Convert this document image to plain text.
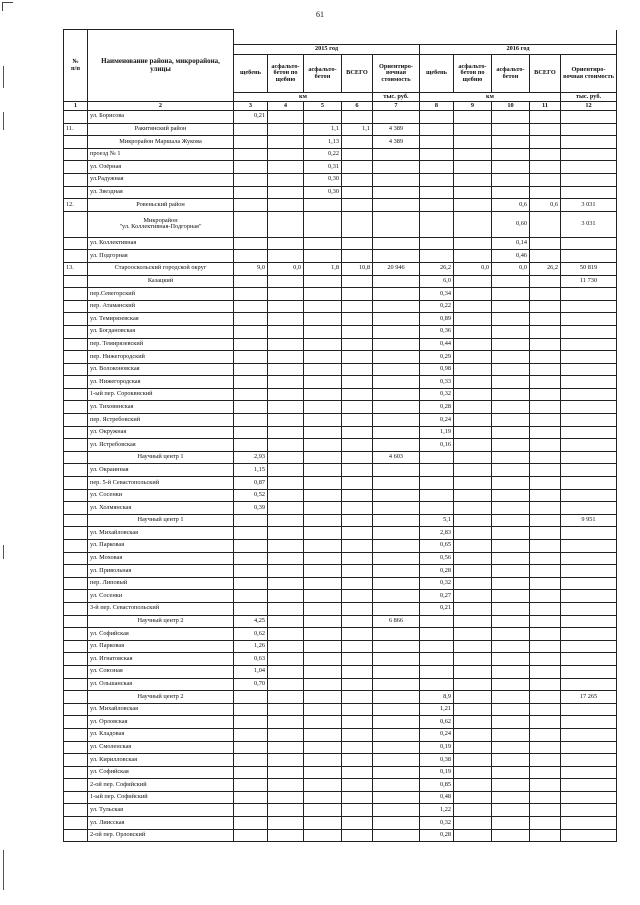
61
№
п/п	Наименование района, микрорайона, улицы										
		2015 год					2016 год				
		щебень	асфальто-бетон по щебню	асфальто-бетон	ВСЕГО	Ориентиро-вочная стоимость	щебень	асфальто-бетон по щебню	асфальто-бетон	ВСЕГО	Ориентиро-вочная стоимость
		км				тыс. руб.	км				тыс. руб.
1	2	3	4	5	6	7	8	9	10	11	12
	ул. Борисова	0,21									
11.	Ракитянский район			1,1	1,1	4 389					
	Микрорайон Маршала Жукова			1,13		4 389					
	проезд № 1			0,22							
	ул. Озёрная			0,31							
	ул.Радужная			0,30							
	ул. Звездная			0,30							
12.	Ровеньский район								0,6	0,6	3 031
	Микрорайон
"ул. Коллективная-Подгорная"								0,60		3 031
	ул. Коллективная								0,14		
	ул. Подгорная								0,46		
13.	Старооскольский городской округ	9,0	0,0	1,8	10,8	20 946	26,2	0,0	0,0	26,2	50 819
	Казацкий						6,0				11 730
	пер.Севегорский						0,34				
	пер. Атаманский						0,22				
	ул. Темирязевская						0,89				
	ул. Богдановская						0,36				
	пер. Темирязевский						0,44				
	пер. Нижегородский						0,29				
	ул. Волоконовская						0,98				
	ул. Нижегородская						0,33				
	1-ый пер. Сороквнский						0,32				
	ул. Тиховинская						0,28				
	пер. Ястребовский						0,24				
	ул. Окружная						1,19				
	ул. Ястребовская						0,16				
	Научный центр 1	2,93				4 603					
	ул. Окраинная	1,15									
	пер. 5-й Севастопольский	0,87									
	ул. Сосенки	0,52									
	ул. Холмянская	0,39									
	Научный центр 1						5,1				9 951
	ул. Михайловская						2,83				
	ул. Парковая						0,65				
	ул. Моховая						0,56				
	ул. Привольная						0,28				
	пер. Липовый						0,32				
	ул. Сосенки						0,27				
	3-й пер. Севастопольский						0,21				
	Научный центр 2	4,25				6 866					
	ул. Софийская	0,62									
	ул. Парковая	1,26									
	ул. Игнатовская	0,63									
	ул. Союзная	1,04									
	ул. Ольшанская	0,70									
	Научный центр 2						8,9				17 265
	ул. Михайловская						1,21				
	ул. Орловская						0,62				
	ул. Кладовая						0,24				
	ул. Смоленская						0,19				
	ул. Кирилловская						0,38				
	ул. Софийская						0,19				
	2-ой пер. Софийский						0,85				
	1-ый пер. Софийский						0,48				
	ул. Тульская						1,22				
	ул. Лиисская						0,32				
	2-ой пер. Орловский						0,28				
